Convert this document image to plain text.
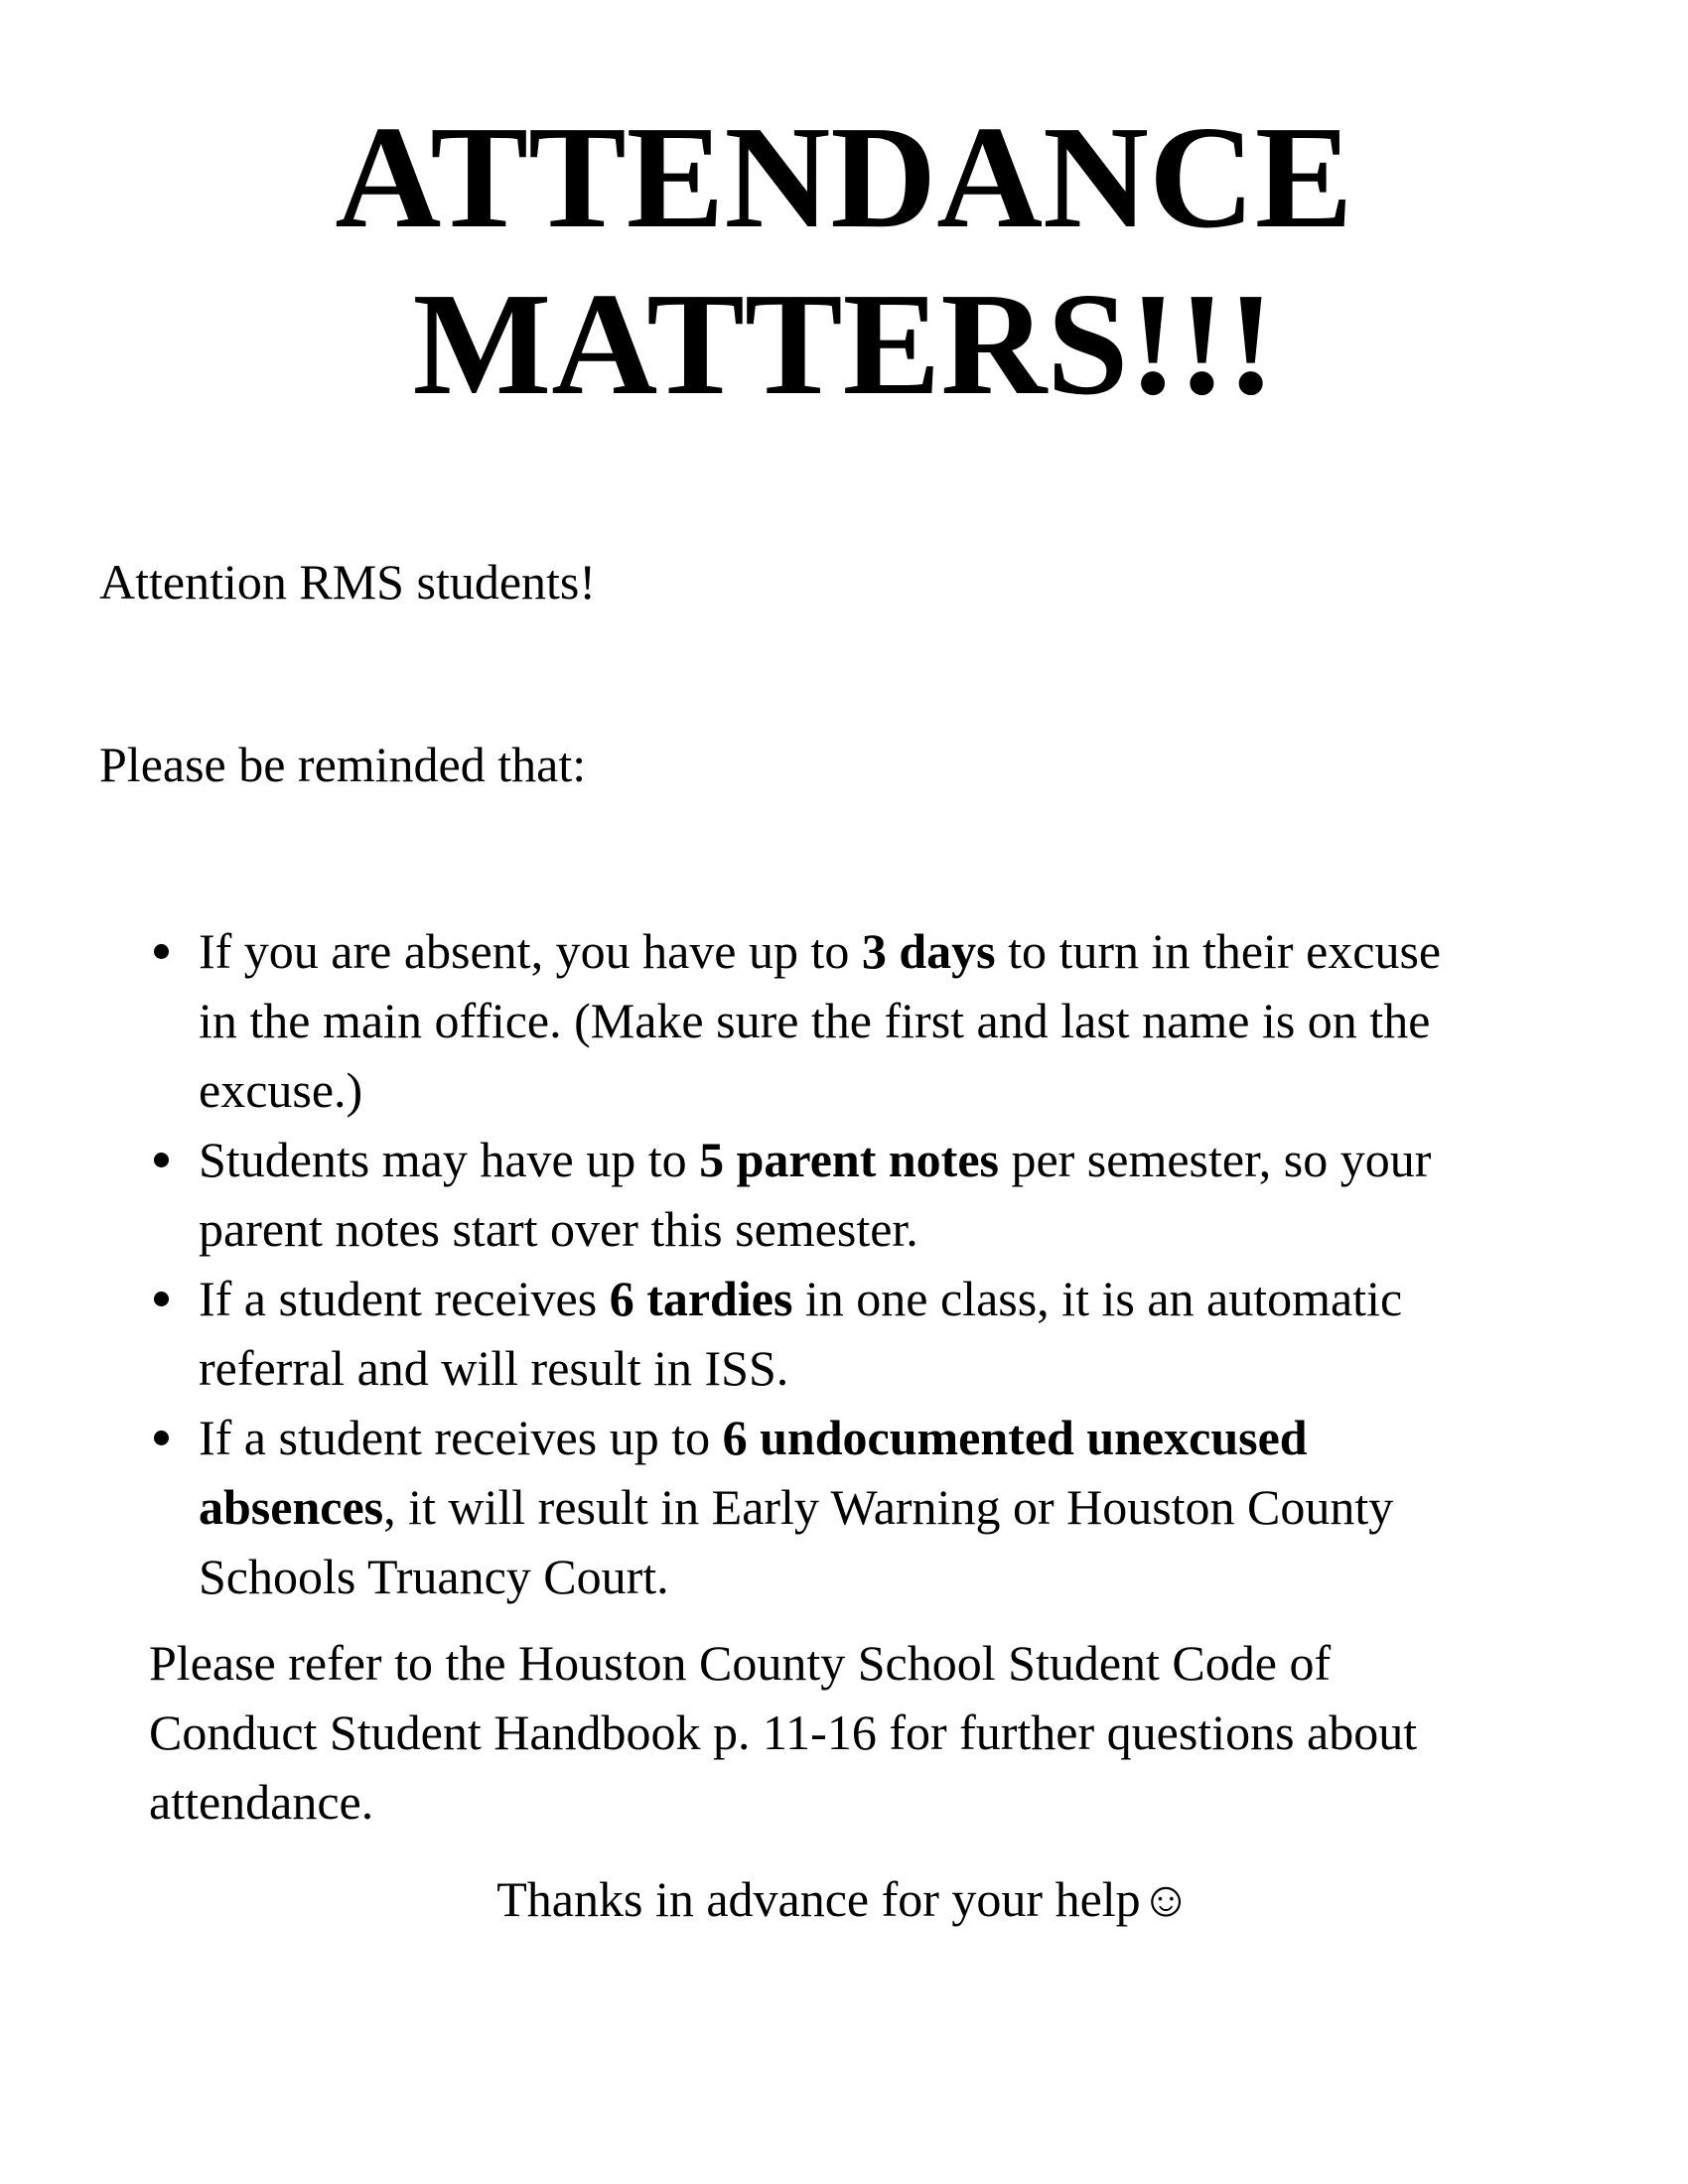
ATTENDANCE
MATTERS!!!

Attention RMS students!

Please be reminded that:

If you are absent, you have up to 3 days to turn in their excuse
in the main office. (Make sure the first and last name is on the
excuse.)
Students may have up to 5 parent notes per semester, so your
parent notes start over this semester.
If a student receives 6 tardies in one class, it is an automatic
referral and will result in ISS.
If a student receives up to 6 undocumented unexcused
absences, it will result in Early Warning or Houston County
Schools Truancy Court.

Please refer to the Houston County School Student Code of
Conduct Student Handbook p. 11-16 for further questions about
attendance.

Thanks in advance for your help☺
